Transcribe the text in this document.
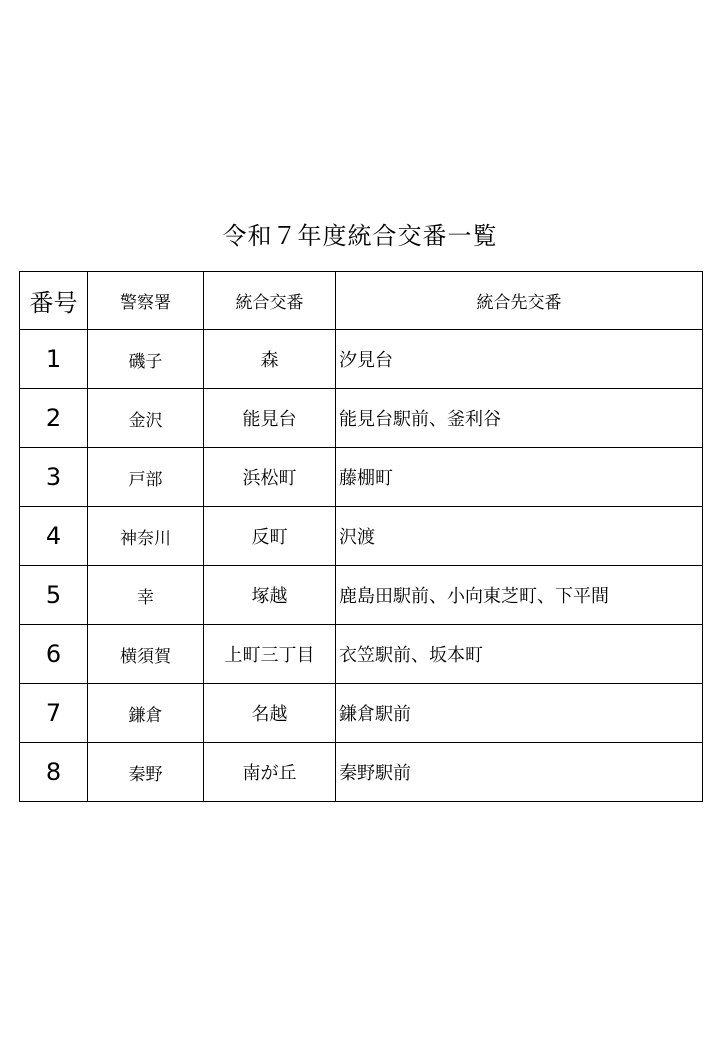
令和７年度統合交番一覧
番号	警察署	統合交番	統合先交番
1	磯子	森	汐見台
2	金沢	能見台	能見台駅前、釜利谷
3	戸部	浜松町	藤棚町
4	神奈川	反町	沢渡
5	幸	塚越	鹿島田駅前、小向東芝町、下平間
6	横須賀	上町三丁目	衣笠駅前、坂本町
7	鎌倉	名越	鎌倉駅前
8	秦野	南が丘	秦野駅前
